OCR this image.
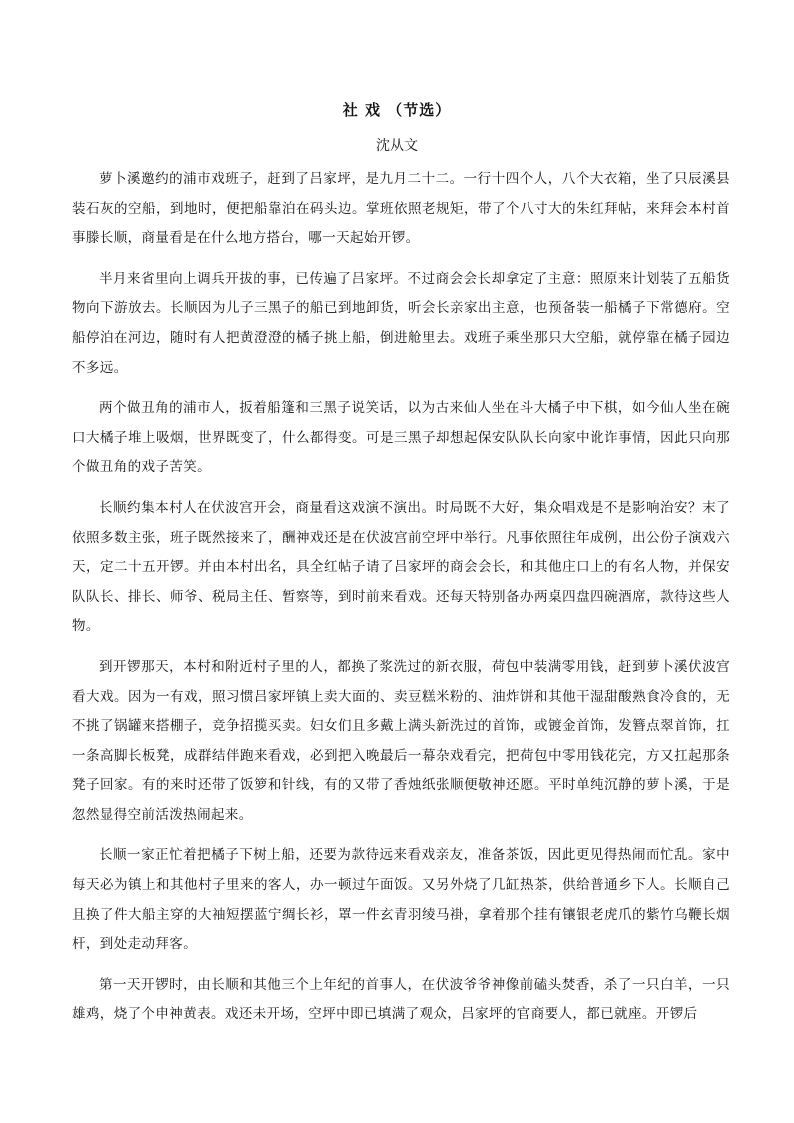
社 戏 （节选）
沈从文

萝卜溪邀约的浦市戏班子，赶到了吕家坪，是九月二十二。一行十四个人，八个大衣箱，坐了只辰溪县装石灰的空船，到地时，便把船靠泊在码头边。掌班依照老规矩，带了个八寸大的朱红拜帖，来拜会本村首事滕长顺，商量看是在什么地方搭台，哪一天起始开锣。

半月来省里向上调兵开拔的事，已传遍了吕家坪。不过商会会长却拿定了主意：照原来计划装了五船货物向下游放去。长顺因为儿子三黑子的船已到地卸货，听会长亲家出主意，也预备装一船橘子下常德府。空船停泊在河边，随时有人把黄澄澄的橘子挑上船，倒进舱里去。戏班子乘坐那只大空船，就停靠在橘子园边不多远。

两个做丑角的浦市人，扳着船篷和三黑子说笑话，以为古来仙人坐在斗大橘子中下棋，如今仙人坐在碗口大橘子堆上吸烟，世界既变了，什么都得变。可是三黑子却想起保安队队长向家中讹诈事情，因此只向那个做丑角的戏子苦笑。

长顺约集本村人在伏波宫开会，商量看这戏演不演出。时局既不大好，集众唱戏是不是影响治安？末了依照多数主张，班子既然接来了，酬神戏还是在伏波宫前空坪中举行。凡事依照往年成例，出公份子演戏六天，定二十五开锣。并由本村出名，具全红帖子请了吕家坪的商会会长，和其他庄口上的有名人物，并保安队队长、排长、师爷、税局主任、暂察等，到时前来看戏。还每天特别备办两桌四盘四碗酒席，款待这些人物。

到开锣那天，本村和附近村子里的人，都换了浆洗过的新衣服，荷包中装满零用钱，赶到萝卜溪伏波宫看大戏。因为一有戏，照习惯吕家坪镇上卖大面的、卖豆糕米粉的、油炸饼和其他干湿甜酸熟食冷食的，无不挑了锅罐来搭棚子，竞争招揽买卖。妇女们且多戴上满头新洗过的首饰，或镀金首饰，发簪点翠首饰，扛一条高脚长板凳，成群结伴跑来看戏，必到把入晚最后一幕杂戏看完，把荷包中零用钱花完，方又扛起那条凳子回家。有的来时还带了饭箩和针线，有的又带了香烛纸张顺便敬神还愿。平时单纯沉静的萝卜溪，于是忽然显得空前活泼热闹起来。

长顺一家正忙着把橘子下树上船，还要为款待远来看戏亲友，准备茶饭，因此更见得热闹而忙乱。家中每天必为镇上和其他村子里来的客人，办一顿过午面饭。又另外烧了几缸热茶，供给普通乡下人。长顺自己且换了件大船主穿的大袖短摆蓝宁绸长衫，罩一件玄青羽绫马褂，拿着那个挂有镶银老虎爪的紫竹乌鞭长烟杆，到处走动拜客。

第一天开锣时，由长顺和其他三个上年纪的首事人，在伏波爷爷神像前磕头焚香，杀了一只白羊，一只雄鸡，烧了个申神黄表。戏还未开场，空坪中即已填满了观众，吕家坪的官商要人，都已就座。开锣后
